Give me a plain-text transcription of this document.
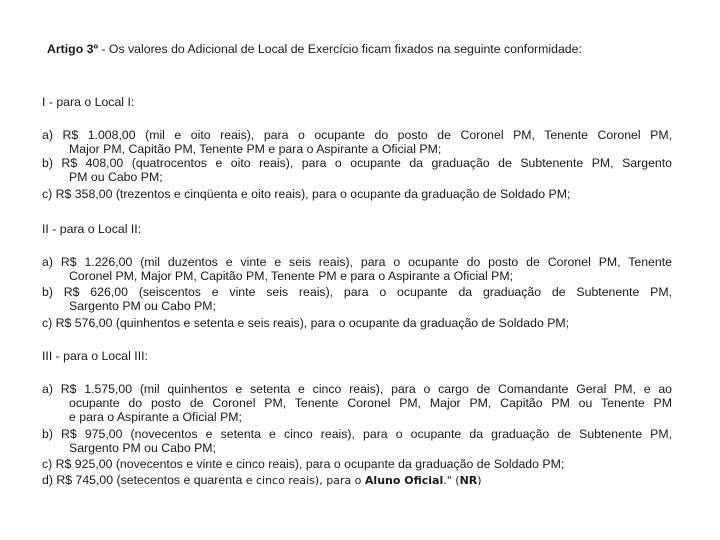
Artigo 3º - Os valores do Adicional de Local de Exercício ficam fixados na seguinte conformidade:
I - para o Local I:
a) R$ 1.008,00 (mil e oito reais), para o ocupante do posto de Coronel PM, Tenente Coronel PM,
Major PM, Capitão PM, Tenente PM e para o Aspirante a Oficial PM;
b) R$ 408,00 (quatrocentos e oito reais), para o ocupante da graduação de Subtenente PM, Sargento
PM ou Cabo PM;
c) R$ 358,00 (trezentos e cinqüenta e oito reais), para o ocupante da graduação de Soldado PM;
II - para o Local II:
a) R$ 1.226,00 (mil duzentos e vinte e seis reais), para o ocupante do posto de Coronel PM, Tenente
Coronel PM, Major PM, Capitão PM, Tenente PM e para o Aspirante a Oficial PM;
b) R$ 626,00 (seiscentos e vinte seis reais), para o ocupante da graduação de Subtenente PM,
Sargento PM ou Cabo PM;
c) R$ 576,00 (quinhentos e setenta e seis reais), para o ocupante da graduação de Soldado PM;
III - para o Local III:
a) R$ 1.575,00 (mil quinhentos e setenta e cinco reais), para o cargo de Comandante Geral PM, e ao
ocupante do posto de Coronel PM, Tenente Coronel PM, Major PM, Capitão PM ou Tenente PM
e para o Aspirante a Oficial PM;
b) R$ 975,00 (novecentos e setenta e cinco reais), para o ocupante da graduação de Subtenente PM,
Sargento PM ou Cabo PM;
c) R$ 925,00 (novecentos e vinte e cinco reais), para o ocupante da graduação de Soldado PM;
d) R$ 745,00 (setecentos e quarenta e cinco reais), para o Aluno Oficial." (NR)
